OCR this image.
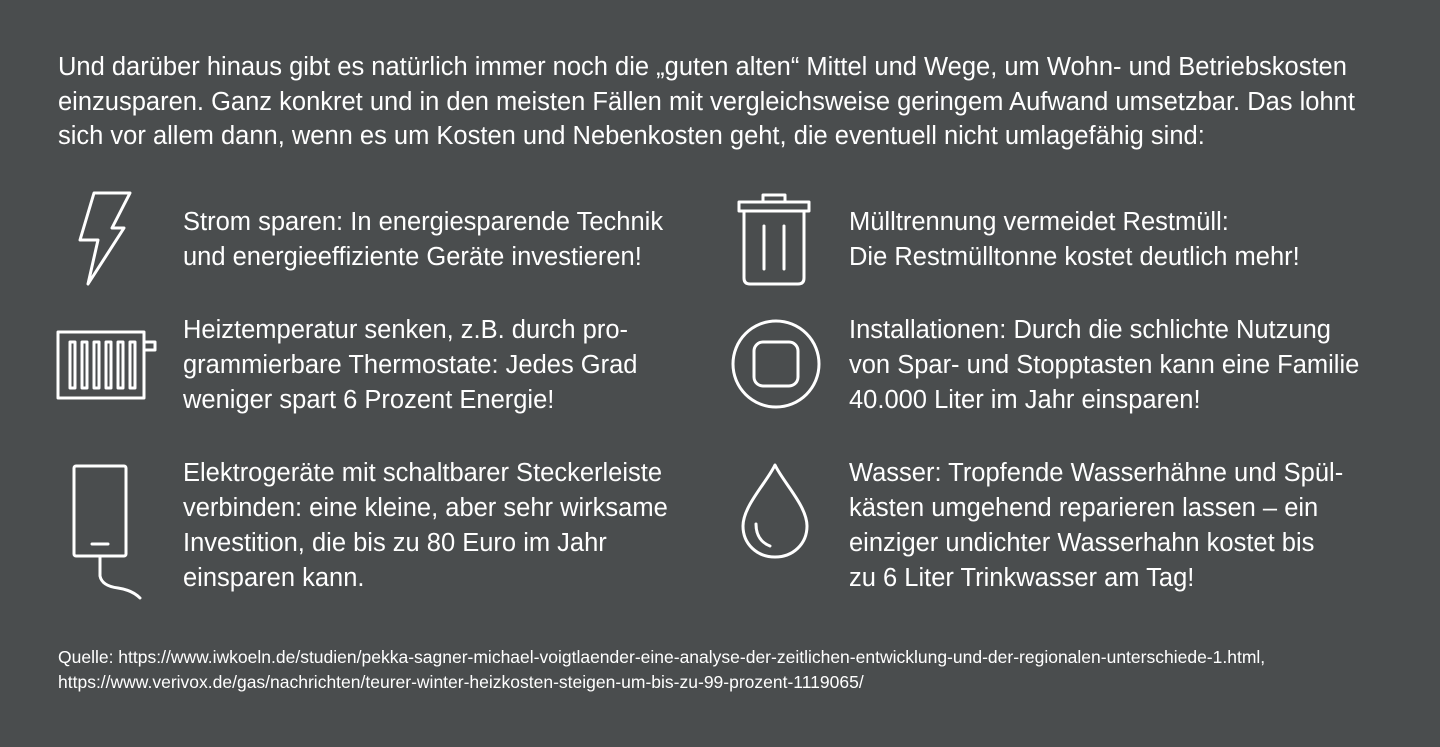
Und darüber hinaus gibt es natürlich immer noch die „guten alten“ Mittel und Wege, um Wohn- und Betriebskosten einzusparen. Ganz konkret und in den meisten Fällen mit vergleichsweise geringem Aufwand umsetzbar. Das lohnt sich vor allem dann, wenn es um Kosten und Nebenkosten geht, die eventuell nicht umlagefähig sind:

Strom sparen: In energiesparende Technik
und energieeffiziente Geräte investieren!

Mülltrennung vermeidet Restmüll:
Die Restmülltonne kostet deutlich mehr!

Heiztemperatur senken, z.B. durch pro-
grammierbare Thermostate: Jedes Grad
weniger spart 6 Prozent Energie!

Installationen: Durch die schlichte Nutzung
von Spar- und Stopptasten kann eine Familie
40.000 Liter im Jahr einsparen!

Elektrogeräte mit schaltbarer Steckerleiste
verbinden: eine kleine, aber sehr wirksame
Investition, die bis zu 80 Euro im Jahr
einsparen kann.

Wasser: Tropfende Wasserhähne und Spül-
kästen umgehend reparieren lassen – ein
einziger undichter Wasserhahn kostet bis
zu 6 Liter Trinkwasser am Tag!

Quelle: https://www.iwkoeln.de/studien/pekka-sagner-michael-voigtlaender-eine-analyse-der-zeitlichen-entwicklung-und-der-regionalen-unterschiede-1.html,
https://www.verivox.de/gas/nachrichten/teurer-winter-heizkosten-steigen-um-bis-zu-99-prozent-1119065/
